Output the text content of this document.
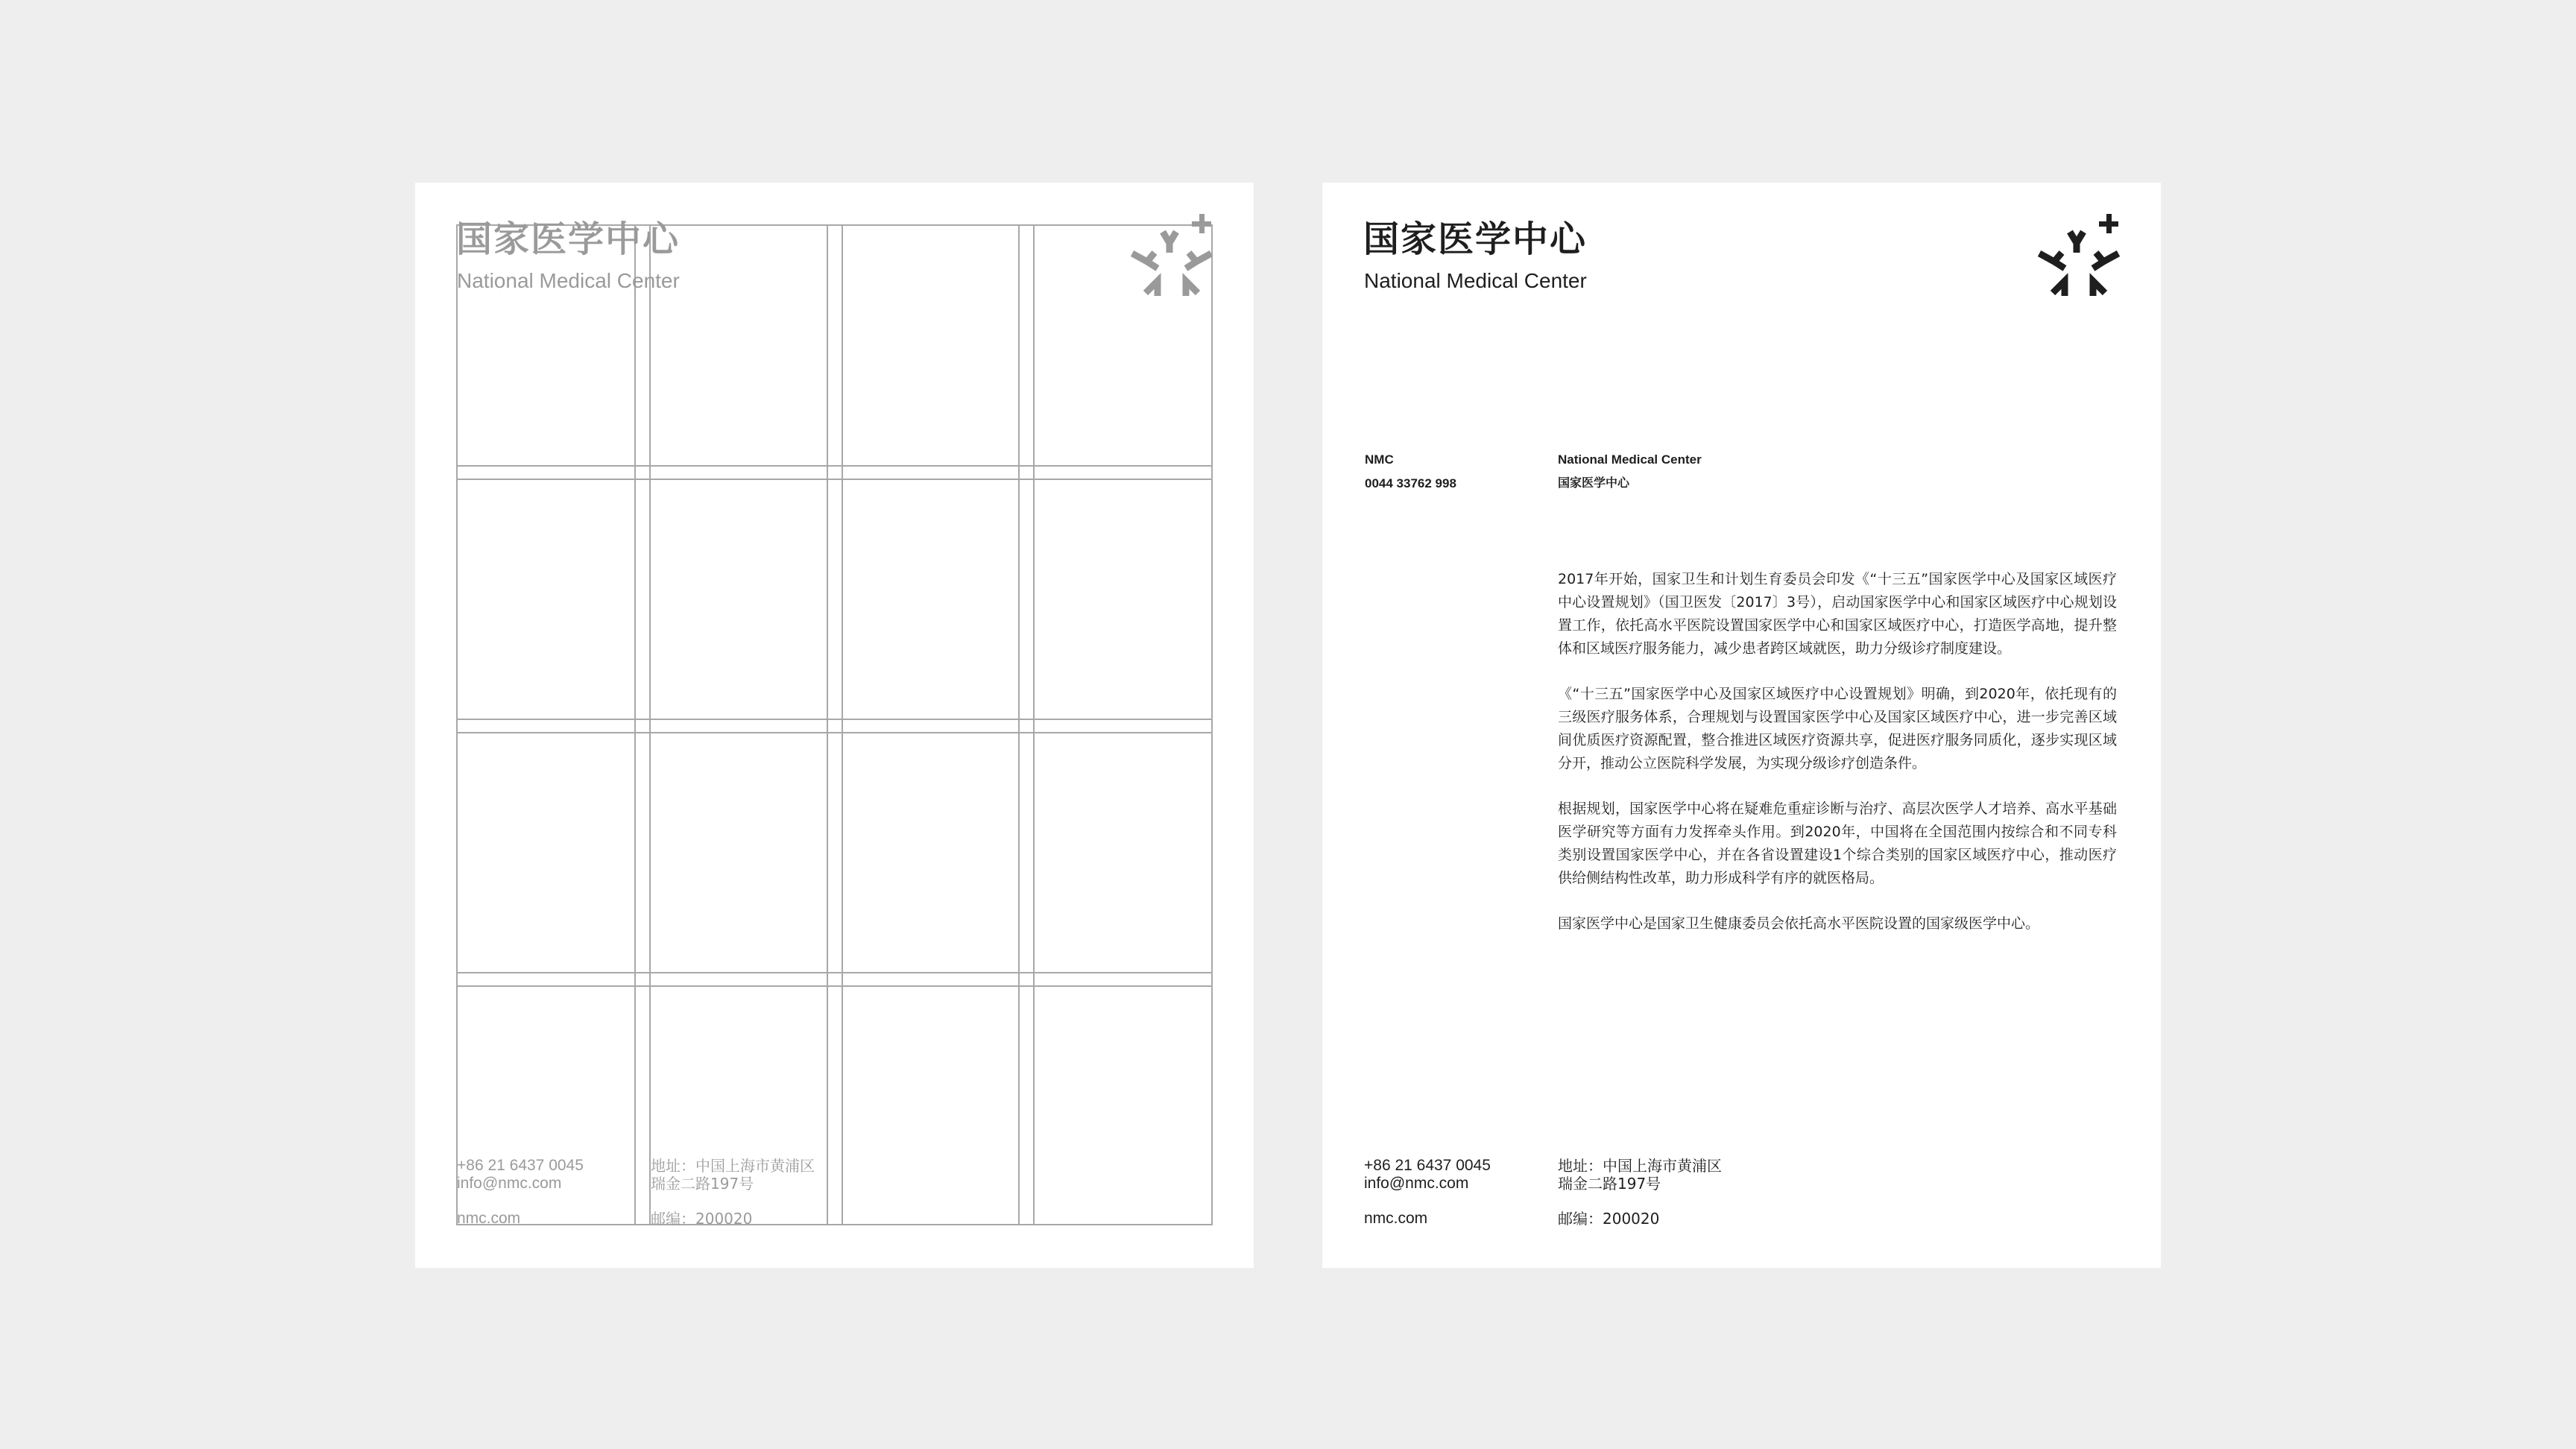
国家医学中心

National Medical Center

+86 21 6437 0045
info@nmc.com
nmc.com
地址：中国上海市黄浦区
瑞金二路197号
邮编：200020
国家医学中心

National Medical Center

NMC
0044 33762 998
National Medical Center
国家医学中心

2017年开始，国家卫生和计划生育委员会印发《“十三五”国家医学中心及国家区域医疗中心设置规划》（国卫医发〔2017〕3号），启动国家医学中心和国家区域医疗中心规划设置工作，依托高水平医院设置国家医学中心和国家区域医疗中心，打造医学高地，提升整体和区域医疗服务能力，减少患者跨区域就医，助力分级诊疗制度建设。

《“十三五”国家医学中心及国家区域医疗中心设置规划》明确，到2020年，依托现有的三级医疗服务体系，合理规划与设置国家医学中心及国家区域医疗中心，进一步完善区域间优质医疗资源配置，整合推进区域医疗资源共享，促进医疗服务同质化，逐步实现区域分开，推动公立医院科学发展，为实现分级诊疗创造条件。

根据规划，国家医学中心将在疑难危重症诊断与治疗、高层次医学人才培养、高水平基础医学研究等方面有力发挥牵头作用。到2020年，中国将在全国范围内按综合和不同专科类别设置国家医学中心，并在各省设置建设1个综合类别的国家区域医疗中心，推动医疗供给侧结构性改革，助力形成科学有序的就医格局。

国家医学中心是国家卫生健康委员会依托高水平医院设置的国家级医学中心。

+86 21 6437 0045
info@nmc.com
nmc.com
地址：中国上海市黄浦区
瑞金二路197号
邮编：200020
